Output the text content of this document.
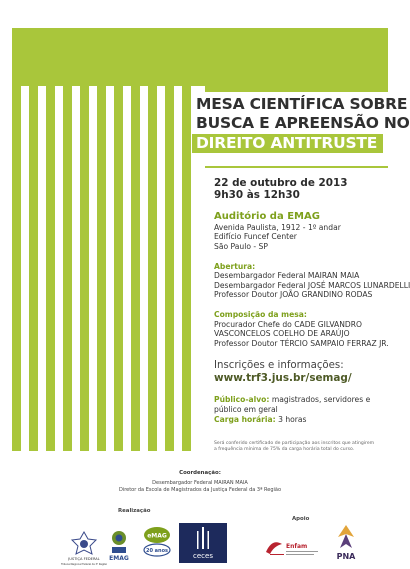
MESA CIENTÍFICA SOBRE
BUSCA E APREENSÃO NO
DIREITO ANTITRUSTE
22 de outubro de 2013
9h30 às 12h30
Auditório da EMAG
Avenida Paulista, 1912 - 1º andar
Edifício Funcef Center
São Paulo - SP
Abertura:
Desembargador Federal MAIRAN MAIA
Desembargador Federal JOSÉ MARCOS LUNARDELLI
Professor Doutor JOÃO GRANDINO RODAS
Composição da mesa:
Procurador Chefe do CADE GILVANDRO
VASCONCELOS COELHO DE ARAÚJO
Professor Doutor TÉRCIO SAMPAIO FERRAZ JR.
Inscrições e informações:
www.trf3.jus.br/semag/
Público-alvo: magistrados, servidores e
público em geral
Carga horária: 3 horas
Será conferido certificado de participação aos inscritos que atingirem
a frequência mínima de 75% da carga horária total do curso.
Coordenação:
Desembargador Federal MAIRAN MAIA
Diretor da Escola de Magistrados da Justiça Federal da 3ª Região
Realização
Apoio
JUSTIÇA FEDERAL
Tribunal Regional Federal da 3ª Região
EMAG
eMAG
20 anos
ceces
Enfam
PNA
